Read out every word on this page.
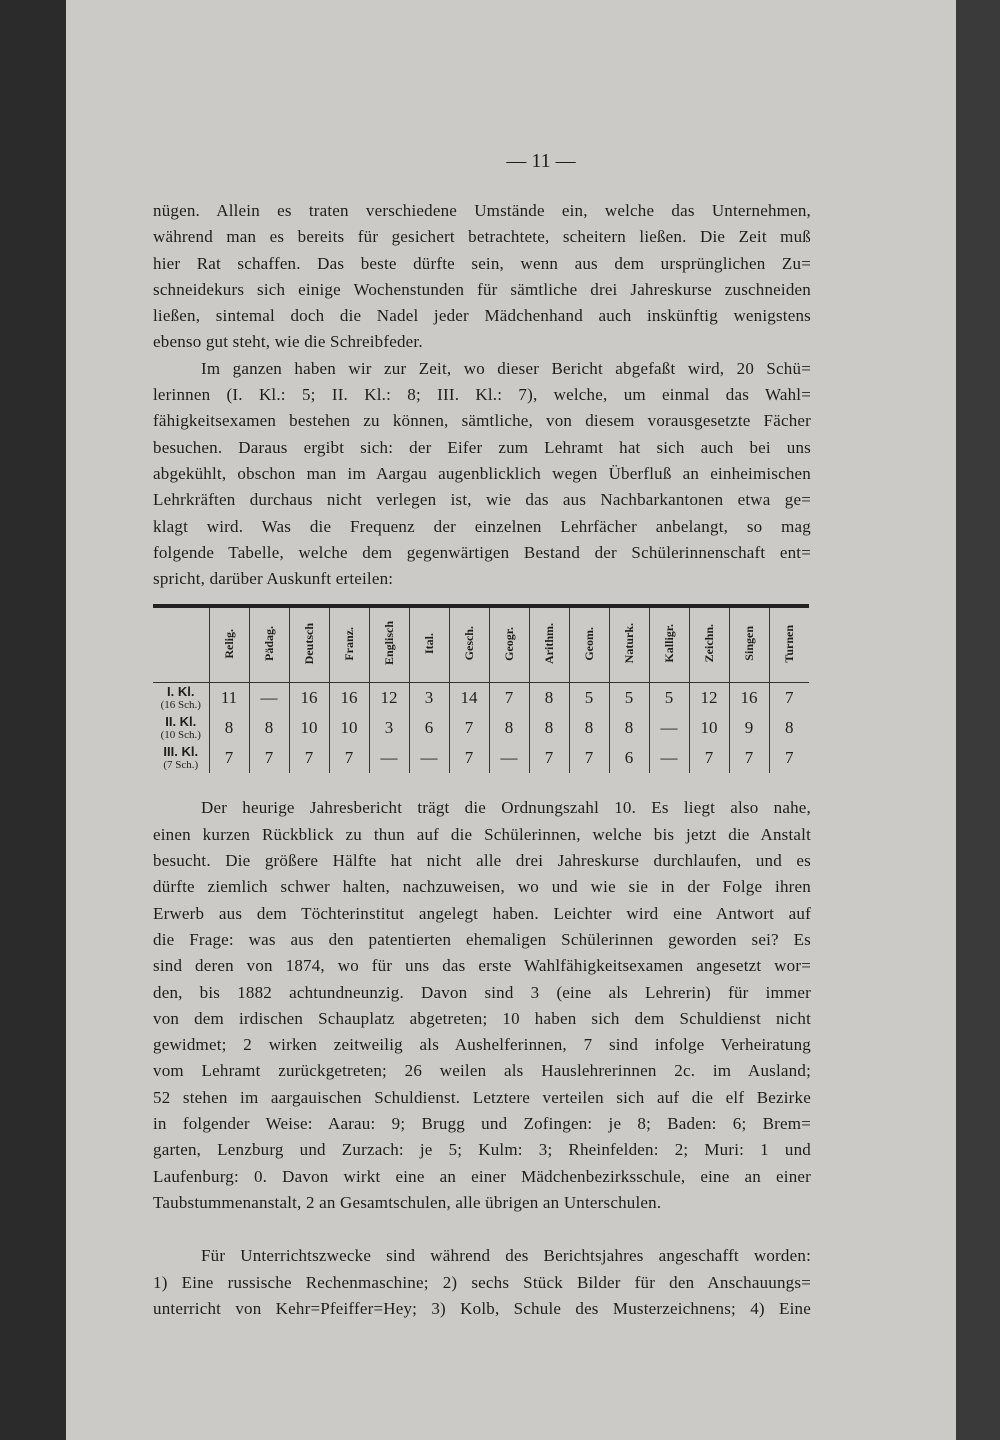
— 11 —
nügen. Allein es traten verschiedene Umstände ein, welche das Unternehmen,
während man es bereits für gesichert betrachtete, scheitern ließen. Die Zeit muß
hier Rat schaffen. Das beste dürfte sein, wenn aus dem ursprünglichen Zu=
schneidekurs sich einige Wochenstunden für sämtliche drei Jahreskurse zuschneiden
ließen, sintemal doch die Nadel jeder Mädchenhand auch inskünftig wenigstens
ebenso gut steht, wie die Schreibfeder.
Im ganzen haben wir zur Zeit, wo dieser Bericht abgefaßt wird, 20 Schü=
lerinnen (I. Kl.: 5; II. Kl.: 8; III. Kl.: 7), welche, um einmal das Wahl=
fähigkeitsexamen bestehen zu können, sämtliche, von diesem vorausgesetzte Fächer
besuchen. Daraus ergibt sich: der Eifer zum Lehramt hat sich auch bei uns
abgekühlt, obschon man im Aargau augenblicklich wegen Überfluß an einheimischen
Lehrkräften durchaus nicht verlegen ist, wie das aus Nachbarkantonen etwa ge=
klagt wird. Was die Frequenz der einzelnen Lehrfächer anbelangt, so mag
folgende Tabelle, welche dem gegenwärtigen Bestand der Schülerinnenschaft ent=
spricht, darüber Auskunft erteilen:
	Relig.	Pädag.	Deutsch	Franz.	Englisch	Ital.	Gesch.	Geogr.	Arithm.	Geom.	Naturk.	Kalligr.	Zeichn.	Singen	Turnen

I. Kl.
(16 Sch.)	11	—	16	16	12	3	14	7	8	5	5	5	12	16	7

II. Kl.
(10 Sch.)	8	8	10	10	3	6	7	8	8	8	8	—	10	9	8

III. Kl.
(7 Sch.)	7	7	7	7	—	—	7	—	7	7	6	—	7	7	7
Der heurige Jahresbericht trägt die Ordnungszahl 10. Es liegt also nahe,
einen kurzen Rückblick zu thun auf die Schülerinnen, welche bis jetzt die Anstalt
besucht. Die größere Hälfte hat nicht alle drei Jahreskurse durchlaufen, und es
dürfte ziemlich schwer halten, nachzuweisen, wo und wie sie in der Folge ihren
Erwerb aus dem Töchterinstitut angelegt haben. Leichter wird eine Antwort auf
die Frage: was aus den patentierten ehemaligen Schülerinnen geworden sei? Es
sind deren von 1874, wo für uns das erste Wahlfähigkeitsexamen angesetzt wor=
den, bis 1882 achtundneunzig. Davon sind 3 (eine als Lehrerin) für immer
von dem irdischen Schauplatz abgetreten; 10 haben sich dem Schuldienst nicht
gewidmet; 2 wirken zeitweilig als Aushelferinnen, 7 sind infolge Verheiratung
vom Lehramt zurückgetreten; 26 weilen als Hauslehrerinnen 2c. im Ausland;
52 stehen im aargauischen Schuldienst. Letztere verteilen sich auf die elf Bezirke
in folgender Weise: Aarau: 9; Brugg und Zofingen: je 8; Baden: 6; Brem=
garten, Lenzburg und Zurzach: je 5; Kulm: 3; Rheinfelden: 2; Muri: 1 und
Laufenburg: 0. Davon wirkt eine an einer Mädchenbezirksschule, eine an einer
Taubstummenanstalt, 2 an Gesamtschulen, alle übrigen an Unterschulen.
Für Unterrichtszwecke sind während des Berichtsjahres angeschafft worden:
1) Eine russische Rechenmaschine; 2) sechs Stück Bilder für den Anschauungs=
unterricht von Kehr=Pfeiffer=Hey; 3) Kolb, Schule des Musterzeichnens; 4) Eine
